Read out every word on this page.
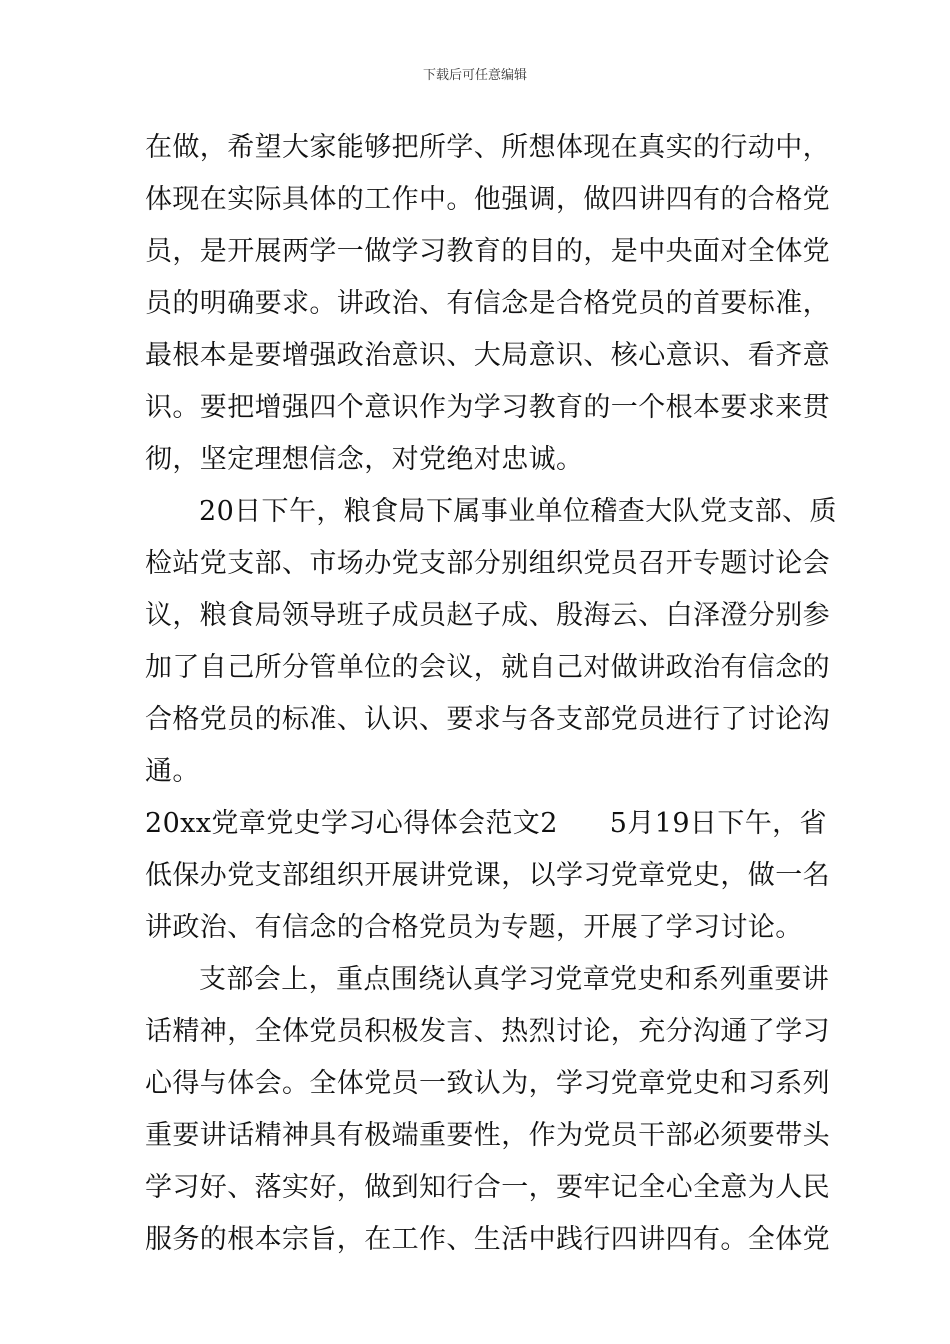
下载后可任意编辑
在做，希望大家能够把所学、所想体现在真实的行动中，
体现在实际具体的工作中。他强调，做四讲四有的合格党
员，是开展两学一做学习教育的目的，是中央面对全体党
员的明确要求。讲政治、有信念是合格党员的首要标准，
最根本是要增强政治意识、大局意识、核心意识、看齐意
识。要把增强四个意识作为学习教育的一个根本要求来贯
彻，坚定理想信念，对党绝对忠诚。
20日下午，粮食局下属事业单位稽查大队党支部、质
检站党支部、市场办党支部分别组织党员召开专题讨论会
议，粮食局领导班子成员赵子成、殷海云、白泽澄分别参
加了自己所分管单位的会议，就自己对做讲政治有信念的
合格党员的标准、认识、要求与各支部党员进行了讨论沟
通。
20xx党章党史学习心得体会范文2 5月19日下午，省
低保办党支部组织开展讲党课，以学习党章党史，做一名
讲政治、有信念的合格党员为专题，开展了学习讨论。
支部会上，重点围绕认真学习党章党史和系列重要讲
话精神，全体党员积极发言、热烈讨论，充分沟通了学习
心得与体会。全体党员一致认为，学习党章党史和习系列
重要讲话精神具有极端重要性，作为党员干部必须要带头
学习好、落实好，做到知行合一，要牢记全心全意为人民
服务的根本宗旨，在工作、生活中践行四讲四有。全体党
